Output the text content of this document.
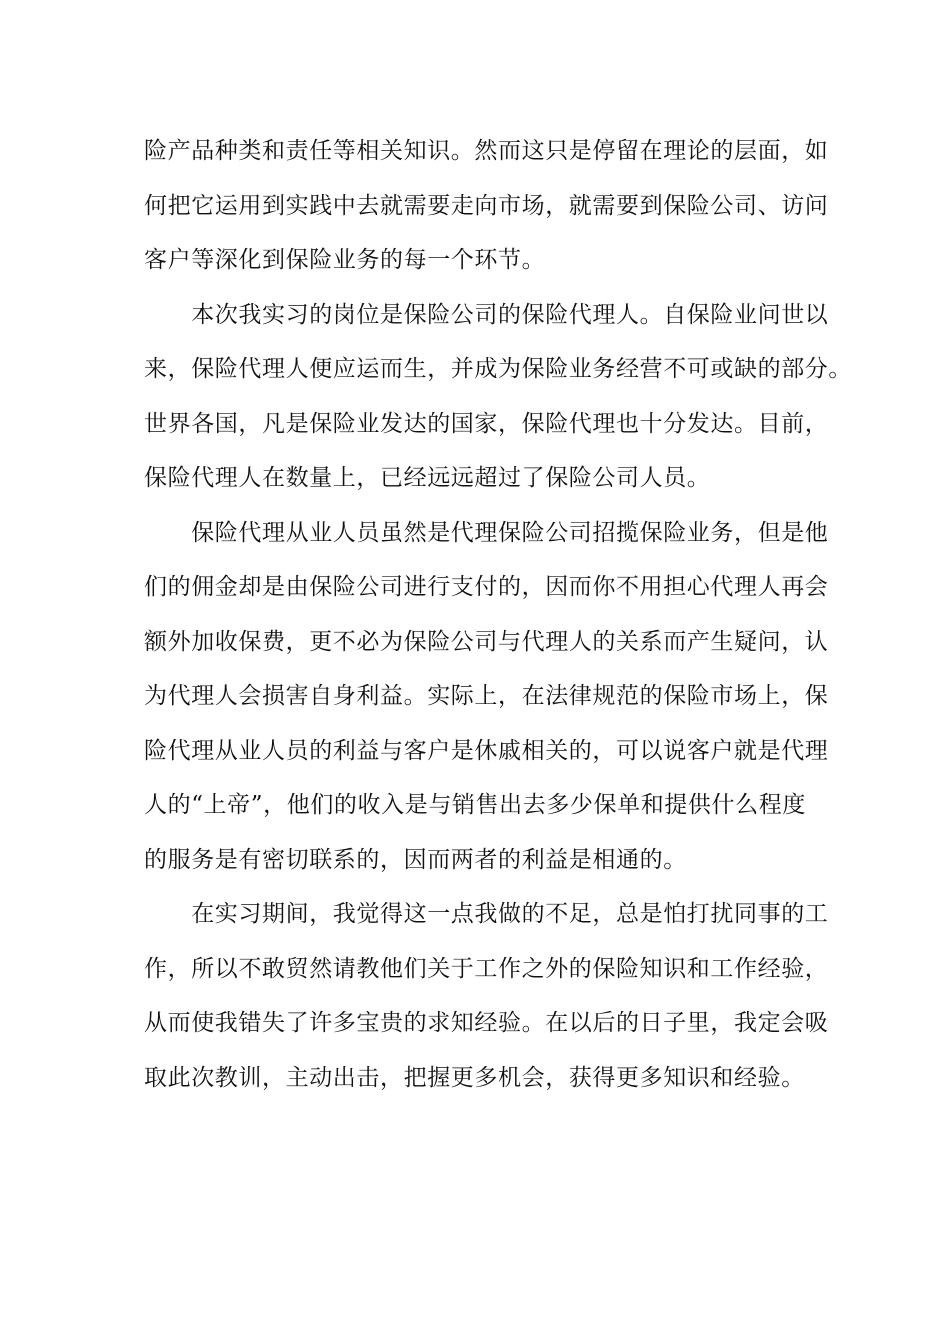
险产品种类和责任等相关知识。然而这只是停留在理论的层面，如
何把它运用到实践中去就需要走向市场，就需要到保险公司、访问
客户等深化到保险业务的每一个环节。
　　本次我实习的岗位是保险公司的保险代理人。自保险业问世以
来，保险代理人便应运而生，并成为保险业务经营不可或缺的部分。
世界各国，凡是保险业发达的国家，保险代理也十分发达。目前，
保险代理人在数量上，已经远远超过了保险公司人员。
　　保险代理从业人员虽然是代理保险公司招揽保险业务，但是他
们的佣金却是由保险公司进行支付的，因而你不用担心代理人再会
额外加收保费，更不必为保险公司与代理人的关系而产生疑问，认
为代理人会损害自身利益。实际上，在法律规范的保险市场上，保
险代理从业人员的利益与客户是休戚相关的，可以说客户就是代理
人的“上帝”，他们的收入是与销售出去多少保单和提供什么程度
的服务是有密切联系的，因而两者的利益是相通的。
　　在实习期间，我觉得这一点我做的不足，总是怕打扰同事的工
作，所以不敢贸然请教他们关于工作之外的保险知识和工作经验，
从而使我错失了许多宝贵的求知经验。在以后的日子里，我定会吸
取此次教训，主动出击，把握更多机会，获得更多知识和经验。
